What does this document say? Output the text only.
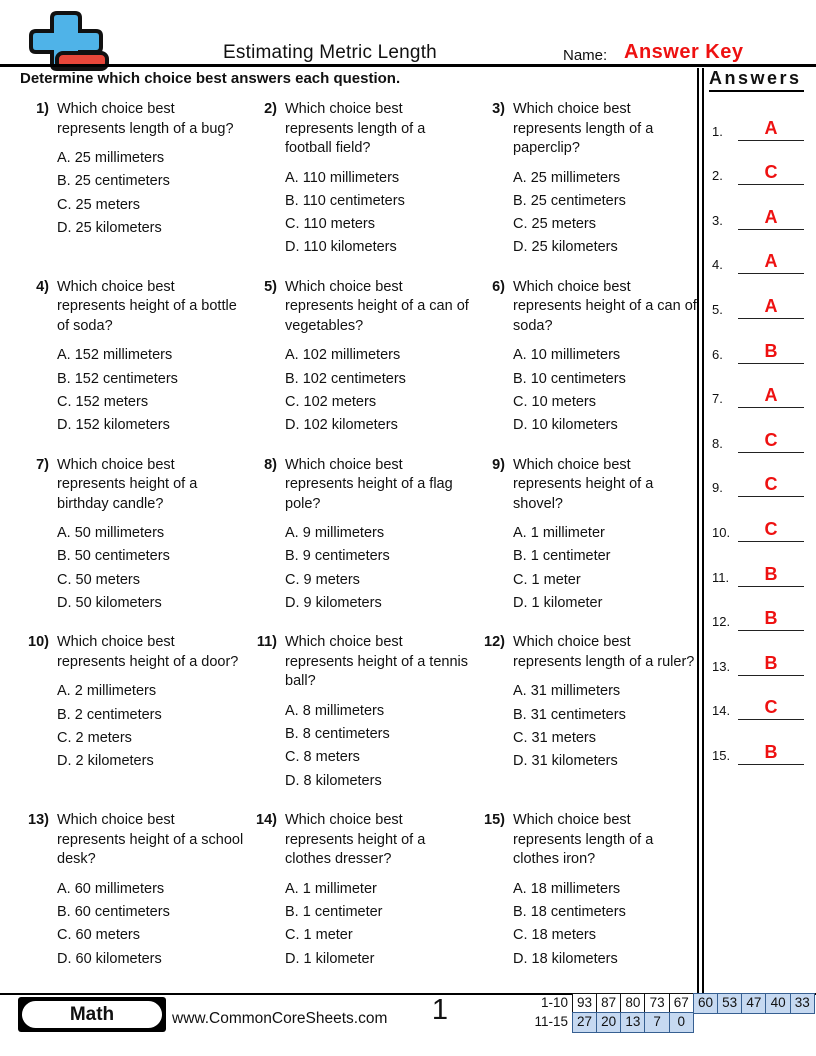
Estimating Metric Length	Name: Answer Key
Determine which choice best answers each question.
1) Which choice best represents length of a bug?
A. 25 millimeters
B. 25 centimeters
C. 25 meters
D. 25 kilometers
2) Which choice best represents length of a football field?
A. 110 millimeters
B. 110 centimeters
C. 110 meters
D. 110 kilometers
3) Which choice best represents length of a paperclip?
A. 25 millimeters
B. 25 centimeters
C. 25 meters
D. 25 kilometers
4) Which choice best represents height of a bottle of soda?
A. 152 millimeters
B. 152 centimeters
C. 152 meters
D. 152 kilometers
5) Which choice best represents height of a can of vegetables?
A. 102 millimeters
B. 102 centimeters
C. 102 meters
D. 102 kilometers
6) Which choice best represents height of a can of soda?
A. 10 millimeters
B. 10 centimeters
C. 10 meters
D. 10 kilometers
7) Which choice best represents height of a birthday candle?
A. 50 millimeters
B. 50 centimeters
C. 50 meters
D. 50 kilometers
8) Which choice best represents height of a flag pole?
A. 9 millimeters
B. 9 centimeters
C. 9 meters
D. 9 kilometers
9) Which choice best represents height of a shovel?
A. 1 millimeter
B. 1 centimeter
C. 1 meter
D. 1 kilometer
10) Which choice best represents height of a door?
A. 2 millimeters
B. 2 centimeters
C. 2 meters
D. 2 kilometers
11) Which choice best represents height of a tennis ball?
A. 8 millimeters
B. 8 centimeters
C. 8 meters
D. 8 kilometers
12) Which choice best represents length of a ruler?
A. 31 millimeters
B. 31 centimeters
C. 31 meters
D. 31 kilometers
13) Which choice best represents height of a school desk?
A. 60 millimeters
B. 60 centimeters
C. 60 meters
D. 60 kilometers
14) Which choice best represents height of a clothes dresser?
A. 1 millimeter
B. 1 centimeter
C. 1 meter
D. 1 kilometer
15) Which choice best represents length of a clothes iron?
A. 18 millimeters
B. 18 centimeters
C. 18 meters
D. 18 kilometers
Answers
1.	A
2.	C
3.	A
4.	A
5.	A
6.	B
7.	A
8.	C
9.	C
10.	C
11.	B
12.	B
13.	B
14.	C
15.	B
Math	www.CommonCoreSheets.com	1	1-10 93 87 80 73 67 60 53 47 40 33
11-15 27 20 13 7	0
